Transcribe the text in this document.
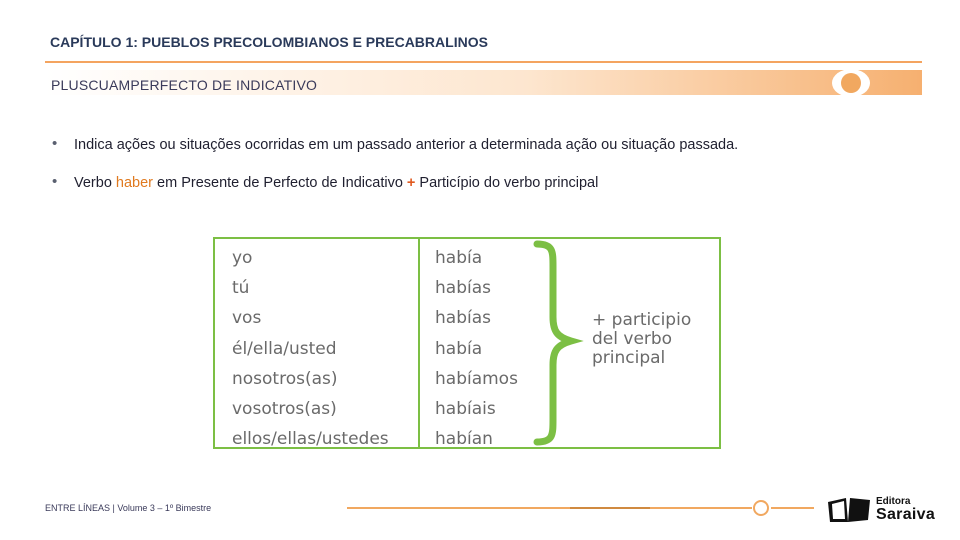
CAPÍTULO 1: PUEBLOS PRECOLOMBIANOS E PRECABRALINOS
PLUSCUAMPERFECTO DE INDICATIVO
• Indica ações ou situações ocorridas em um passado anterior a determinada ação ou situação passada.
• Verbo haber em Presente de Perfecto de Indicativo + Particípio do verbo principal
yo
tú
vos
él/ella/usted
nosotros(as)
vosotros(as)
ellos/ellas/ustedes
había
habías
habías
había
habíamos
habíais
habían
+ participio
del verbo
principal
ENTRE LÍNEAS | Volume 3 – 1º Bimestre
Editora
Saraiva
